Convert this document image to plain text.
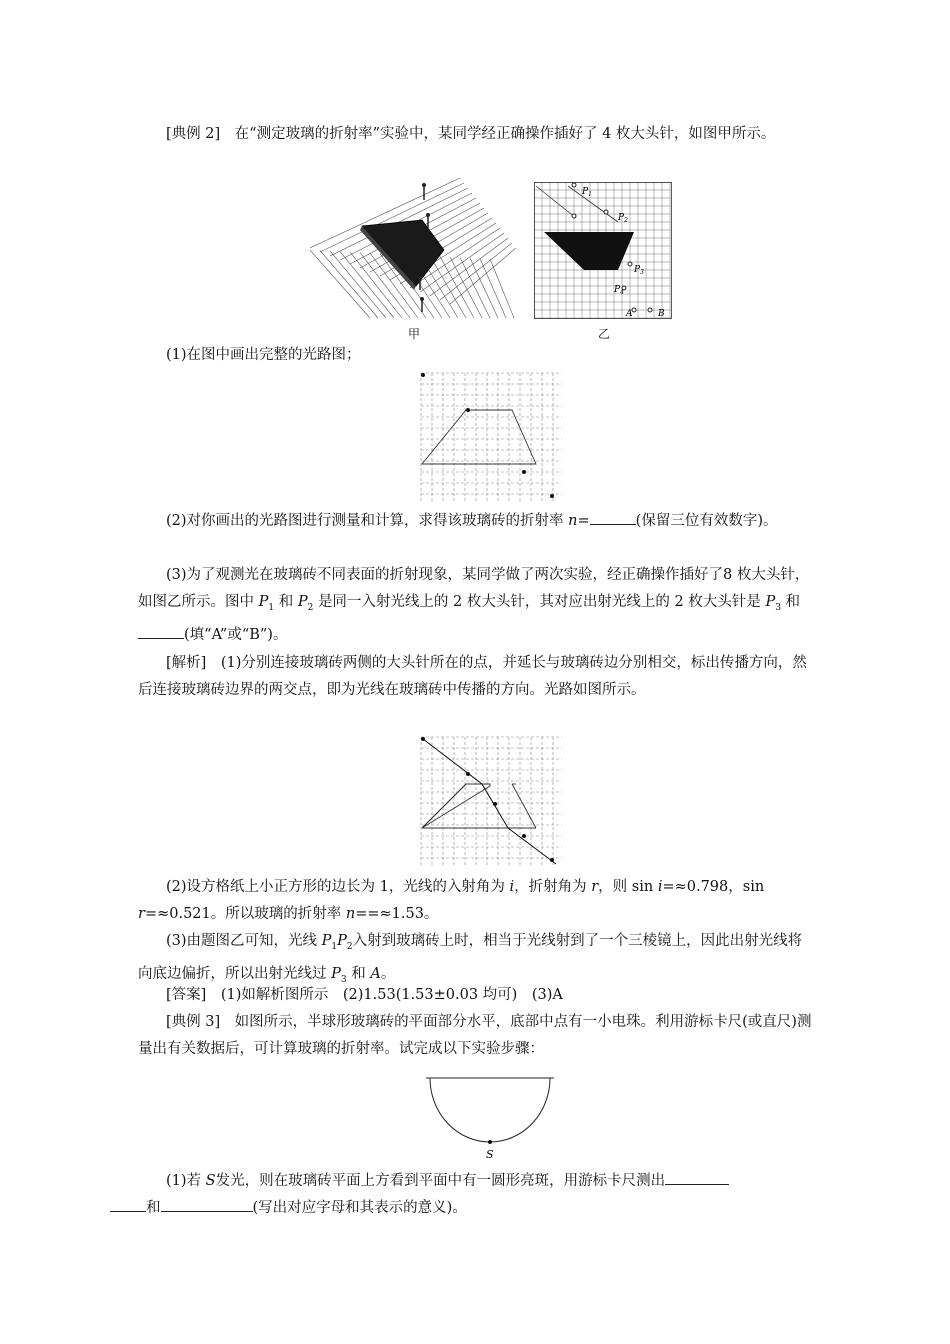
[典例 2]　 在“测定玻璃的折射率”实验中，某同学经正确操作插好了 4 枚大头针，如图甲所示。
甲
$P_1$
$P_2$
$P_3$
$P_4$
A	B
乙
(1)在图中画出完整的光路图；
(2)对你画出的光路图进行测量和计算，求得该玻璃砖的折射率 n=	(保留三位有效数字)。
(3)为了观测光在玻璃砖不同表面的折射现象，某同学做了两次实验，经正确操作插好了8 枚大头针，如图乙所示。图中 $P_1$ 和 $P_2$ 是同一入射光线上的 2 枚大头针，其对应出射光线上的 2 枚大头针是 $P_3$ 和(填“A”或“B”)。
[解析]　 (1)分别连接玻璃砖两侧的大头针所在的点，并延长与玻璃砖边分别相交，标出传播方向，然后连接玻璃砖边界的两交点，即为光线在玻璃砖中传播的方向。光路如图所示。
(2)设方格纸上小正方形的边长为 1，光线的入射角为 i，折射角为 r，则 sin i=≈0.798，sin r=≈0.521。所以玻璃的折射率 n==≈1.53。
(3)由题图乙可知，光线 $P_1P_2$入射到玻璃砖上时，相当于光线射到了一个三棱镜上，因此出射光线将向底边偏折，所以出射光线过 $P_3$ 和 A。
[答案]　 (1)如解析图所示　(2)1.53(1.53±0.03 均可)　(3)A
[典例 3]　 如图所示，半球形玻璃砖的平面部分水平，底部中点有一小电珠。利用游标卡尺(或直尺)测量出有关数据后，可计算玻璃的折射率。试完成以下实验步骤：
S
(1)若 S发光，则在玻璃砖平面上方看到平面中有一圆形亮斑，用游标卡尺测出
和	(写出对应字母和其表示的意义)。
